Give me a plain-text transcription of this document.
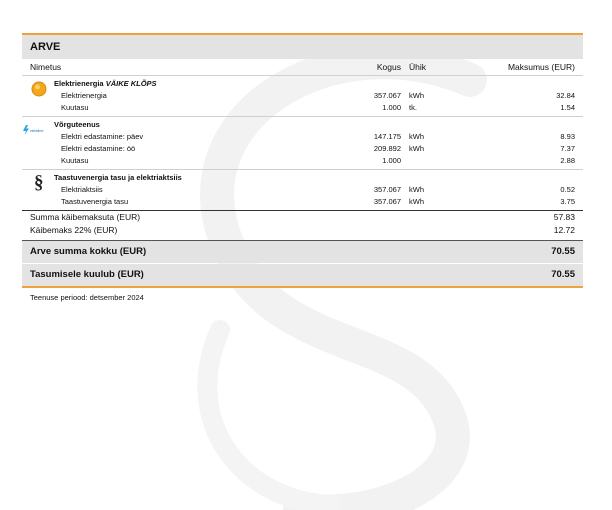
ARVE
Nimetus	Kogus Ühik	Maksumus (EUR)
Elektrienergia VÄIKE KLÕPS
Elektrienergia	357.067 kWh	32.84
Kuutasu	1.000 tk.	1.54
elektrilevi
Võrguteenus
Elektri edastamine: päev	147.175 kWh	8.93
Elektri edastamine: öö	209.892 kWh	7.37
Kuutasu	1.000	2.88
§ Taastuvenergia tasu ja elektriaktsiis
Elektriaktsiis	357.067 kWh	0.52
Taastuvenergia tasu	357.067 kWh	3.75
Summa käibemaksuta (EUR)	57.83
Käibemaks 22% (EUR)	12.72
Arve summa kokku (EUR)	70.55
Tasumisele kuulub (EUR)	70.55
Teenuse periood: detsember 2024
